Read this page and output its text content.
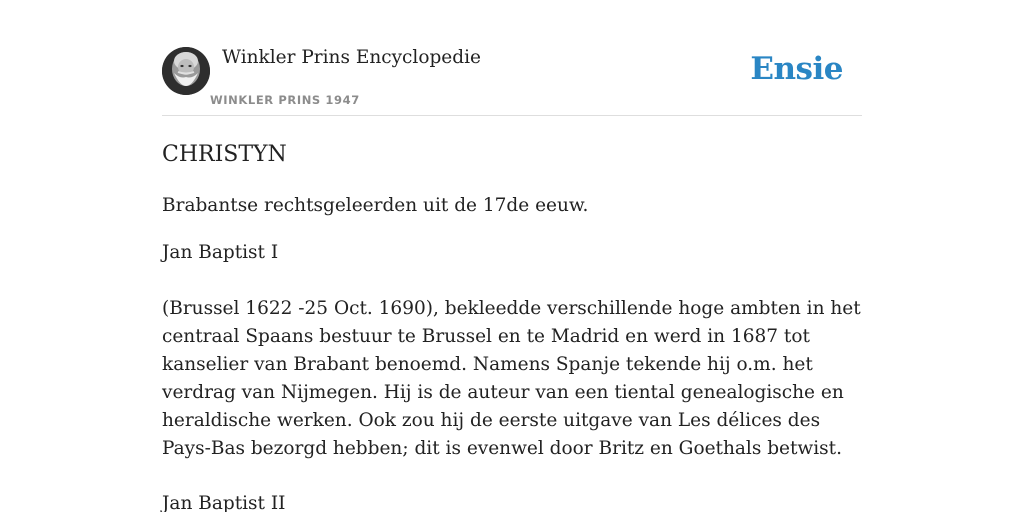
Winkler Prins Encyclopedie
WINKLER PRINS 1947
Ensie
CHRISTYN
Brabantse rechtsgeleerden uit de 17de eeuw.
Jan Baptist I
(Brussel 1622 -25 Oct. 1690), bekleedde verschillende hoge ambten in het centraal Spaans bestuur te Brussel en te Madrid en werd in 1687 tot kanselier van Brabant benoemd. Namens Spanje tekende hij o.m. het verdrag van Nijmegen. Hij is de auteur van een tiental genealogische en heraldische werken. Ook zou hij de eerste uitgave van Les délices des Pays-Bas bezorgd hebben; dit is evenwel door Britz en Goethals betwist.
Jan Baptist II
